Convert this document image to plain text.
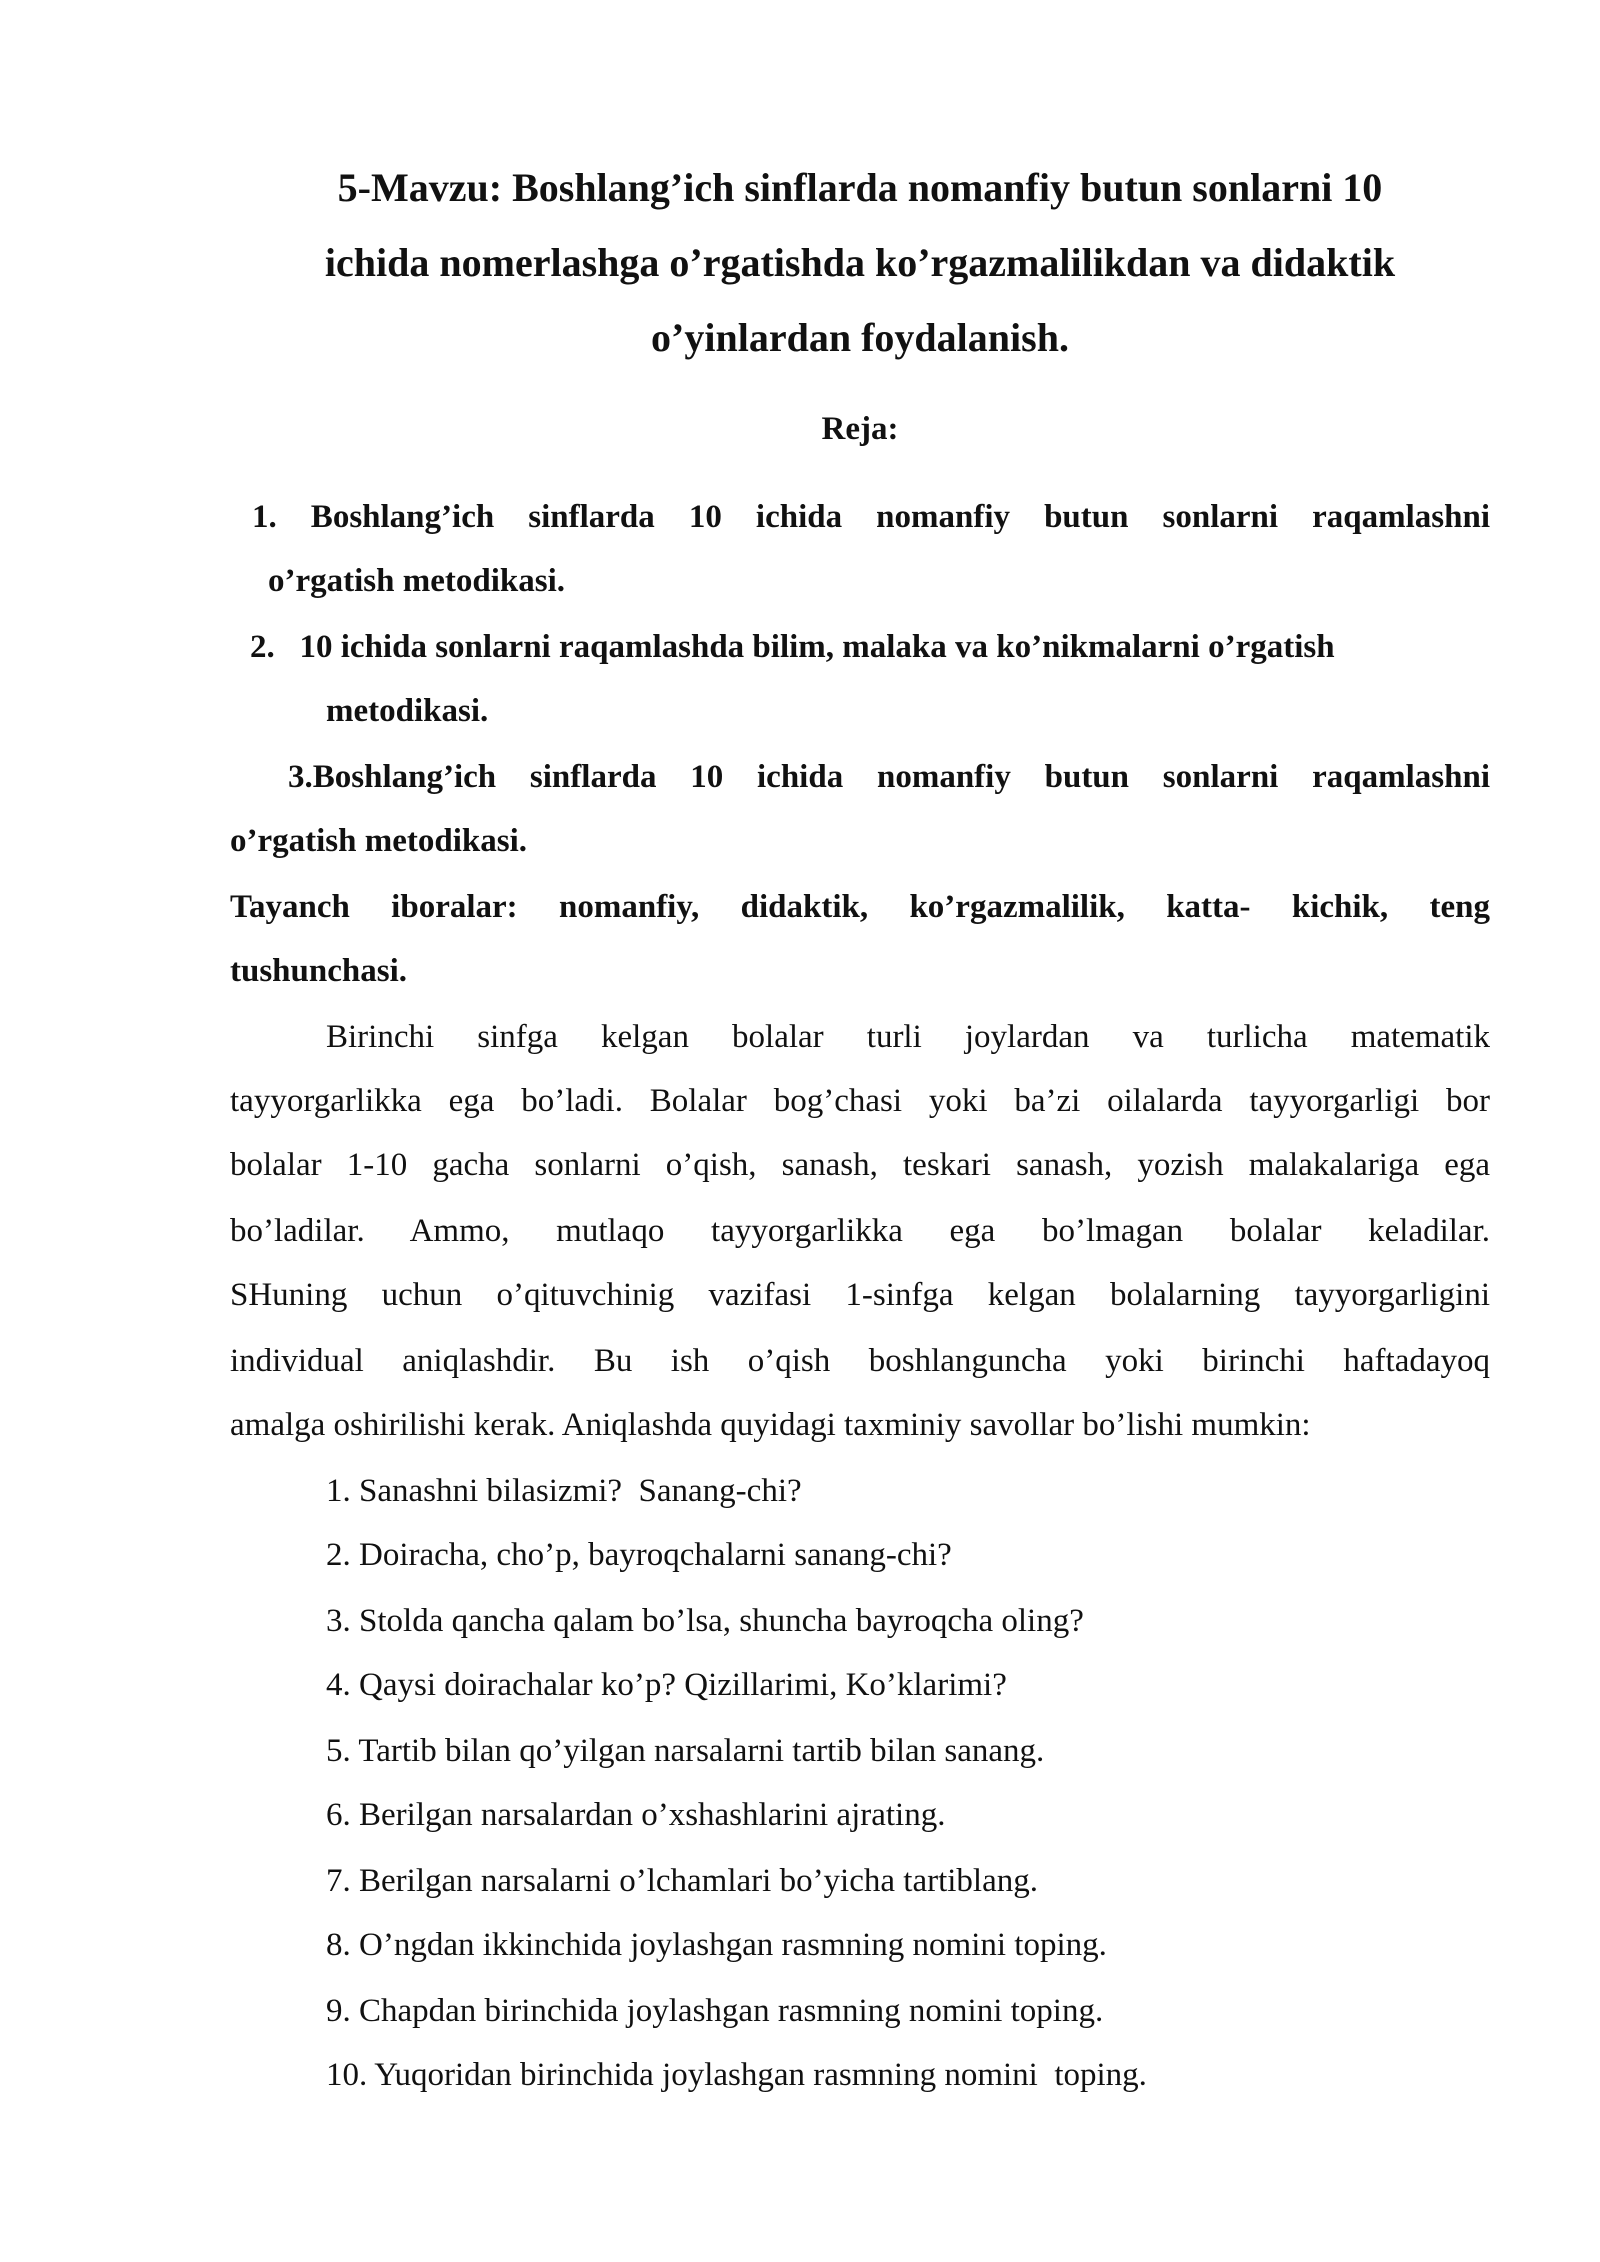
5-Mavzu: Boshlang’ich sinflarda nomanfiy butun sonlarni 10
ichida nomerlashga o’rgatishda ko’rgazmalilikdan va didaktik
o’yinlardan foydalanish.
Reja:
1. Boshlang’ich sinflarda 10 ichida nomanfiy butun sonlarni raqamlashni
o’rgatish metodikasi.
2.   10 ichida sonlarni raqamlashda bilim, malaka va ko’nikmalarni o’rgatish
metodikasi.
3.Boshlang’ich sinflarda 10 ichida nomanfiy butun sonlarni raqamlashni
o’rgatish metodikasi.
Tayanch iboralar: nomanfiy, didaktik, ko’rgazmalilik, katta- kichik, teng
tushunchasi.
Birinchi sinfga kelgan bolalar turli joylardan va turlicha matematik
tayyorgarlikka ega bo’ladi. Bolalar bog’chasi yoki ba’zi oilalarda tayyorgarligi bor
bolalar 1-10 gacha sonlarni o’qish, sanash, teskari sanash, yozish malakalariga ega
bo’ladilar. Ammo, mutlaqo tayyorgarlikka ega bo’lmagan bolalar keladilar.
SHuning uchun o’qituvchinig vazifasi 1-sinfga kelgan bolalarning tayyorgarligini
individual aniqlashdir. Bu ish o’qish boshlanguncha yoki birinchi haftadayoq
amalga oshirilishi kerak. Aniqlashda quyidagi taxminiy savollar bo’lishi mumkin:
1. Sanashni bilasizmi?  Sanang-chi?
2. Doiracha, cho’p, bayroqchalarni sanang-chi?
3. Stolda qancha qalam bo’lsa, shuncha bayroqcha oling?
4. Qaysi doirachalar ko’p? Qizillarimi, Ko’klarimi?
5. Tartib bilan qo’yilgan narsalarni tartib bilan sanang.
6. Berilgan narsalardan o’xshashlarini ajrating.
7. Berilgan narsalarni o’lchamlari bo’yicha tartiblang.
8. O’ngdan ikkinchida joylashgan rasmning nomini toping.
9. Chapdan birinchida joylashgan rasmning nomini toping.
10. Yuqoridan birinchida joylashgan rasmning nomini  toping.
